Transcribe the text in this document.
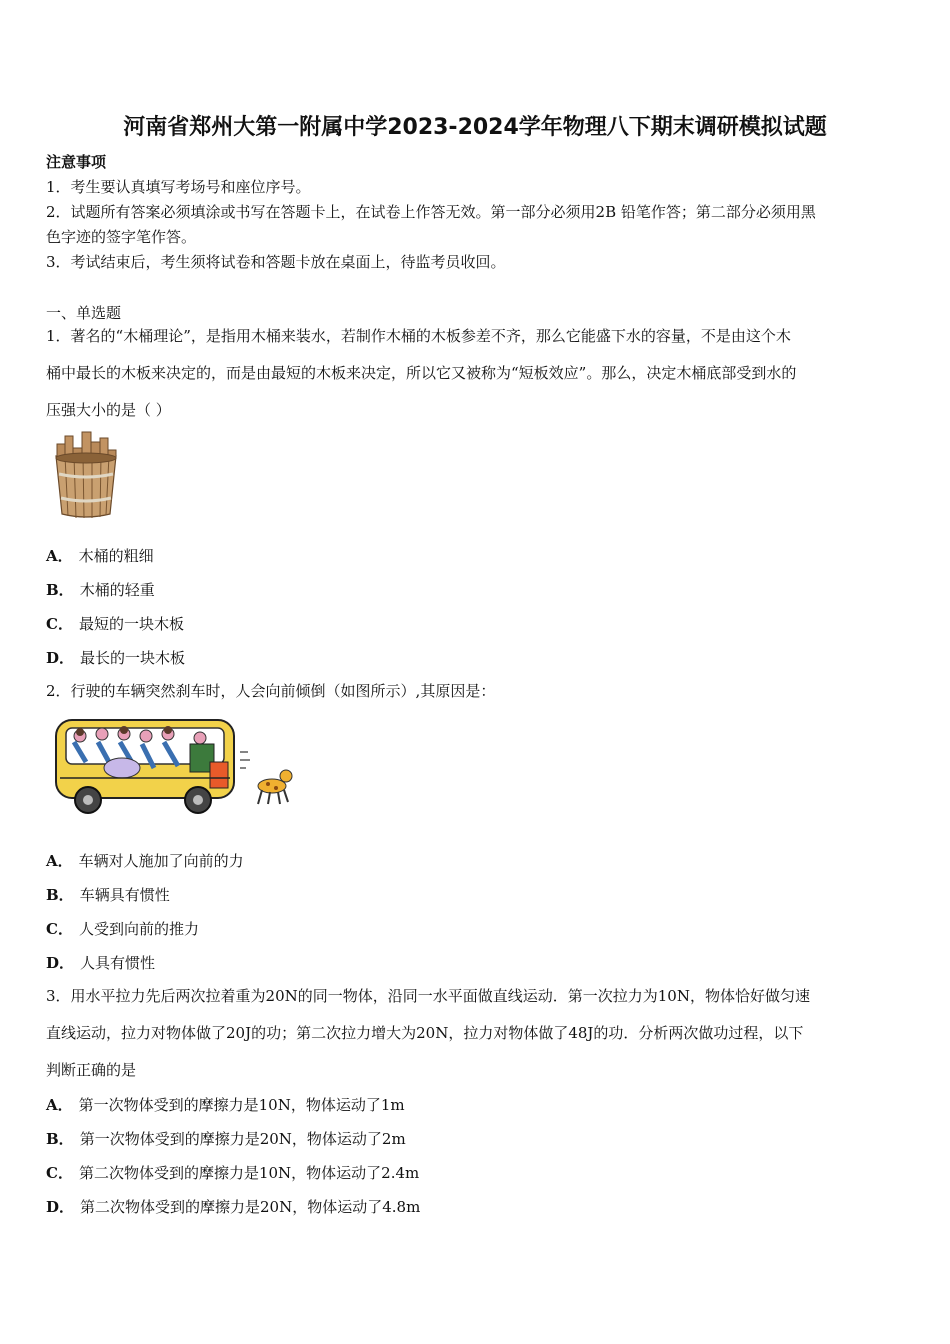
河南省郑州大第一附属中学2023-2024学年物理八下期末调研模拟试题
注意事项
1．考生要认真填写考场号和座位序号。
2．试题所有答案必须填涂或书写在答题卡上，在试卷上作答无效。第一部分必须用2B 铅笔作答；第二部分必须用黑
色字迹的签字笔作答。
3．考试结束后，考生须将试卷和答题卡放在桌面上，待监考员收回。
一、单选题
1．著名的“木桶理论”，是指用木桶来装水，若制作木桶的木板参差不齐，那么它能盛下水的容量，不是由这个木
桶中最长的木板来决定的，而是由最短的木板来决定，所以它又被称为“短板效应”。那么，决定木桶底部受到水的
压强大小的是（ ）
A． 木桶的粗细
B． 木桶的轻重
C． 最短的一块木板
D． 最长的一块木板
2．行驶的车辆突然刹车时，人会向前倾倒（如图所示）,其原因是：
A． 车辆对人施加了向前的力
B． 车辆具有惯性
C． 人受到向前的推力
D． 人具有惯性
3．用水平拉力先后两次拉着重为20N的同一物体，沿同一水平面做直线运动．第一次拉力为10N，物体恰好做匀速
直线运动，拉力对物体做了20J的功；第二次拉力增大为20N，拉力对物体做了48J的功．分析两次做功过程，以下
判断正确的是
A． 第一次物体受到的摩擦力是10N，物体运动了1m
B． 第一次物体受到的摩擦力是20N，物体运动了2m
C． 第二次物体受到的摩擦力是10N，物体运动了2.4m
D． 第二次物体受到的摩擦力是20N，物体运动了4.8m
